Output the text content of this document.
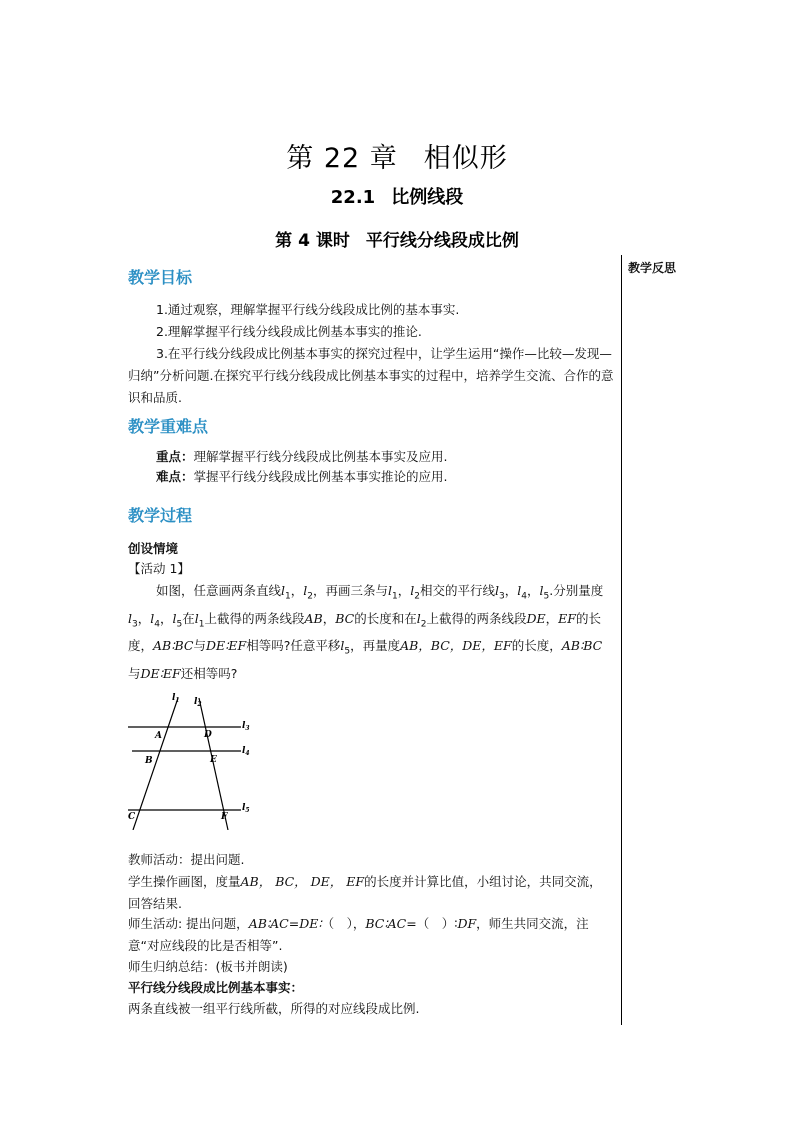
第 22 章 相似形
22.1 比例线段
第 4 课时 平行线分线段成比例
教学反思
教学目标
1.通过观察，理解掌握平行线分线段成比例的基本事实.
2.理解掌握平行线分线段成比例基本事实的推论.
3.在平行线分线段成比例基本事实的探究过程中，让学生运用“操作—比较—发现—归纳”分析问题.在探究平行线分线段成比例基本事实的过程中，培养学生交流、合作的意识和品质.
教学重难点
重点：理解掌握平行线分线段成比例基本事实及应用.
难点：掌握平行线分线段成比例基本事实推论的应用.
教学过程
创设情境
【活动 1】
如图，任意画两条直线$l_1$，$l_2$，再画三条与$l_1$，$l_2$相交的平行线$l_3$，$l_4$，$l_5$.分别量度$l_3$，$l_4$，$l_5$在$l_1$上截得的两条线段AB，BC的长度和在$l_2$上截得的两条线段DE，EF的长度，AB∶BC与DE∶EF相等吗?任意平移$l_5$，再量度AB，BC，DE，EF的长度，AB∶BC与DE∶EF还相等吗?
$l_1$ $l_2$
$l_3$
$l_4$
$l_5$
A	D
B	E
C	F
教师活动：提出问题.
学生操作画图，度量AB， BC， DE， EF的长度并计算比值，小组讨论，共同交流，回答结果.
师生活动: 提出问题，AB∶AC=DE∶（　），BC∶AC=（　）∶DF，师生共同交流，注意“对应线段的比是否相等”.
师生归纳总结：(板书并朗读)
平行线分线段成比例基本事实：
两条直线被一组平行线所截，所得的对应线段成比例.
